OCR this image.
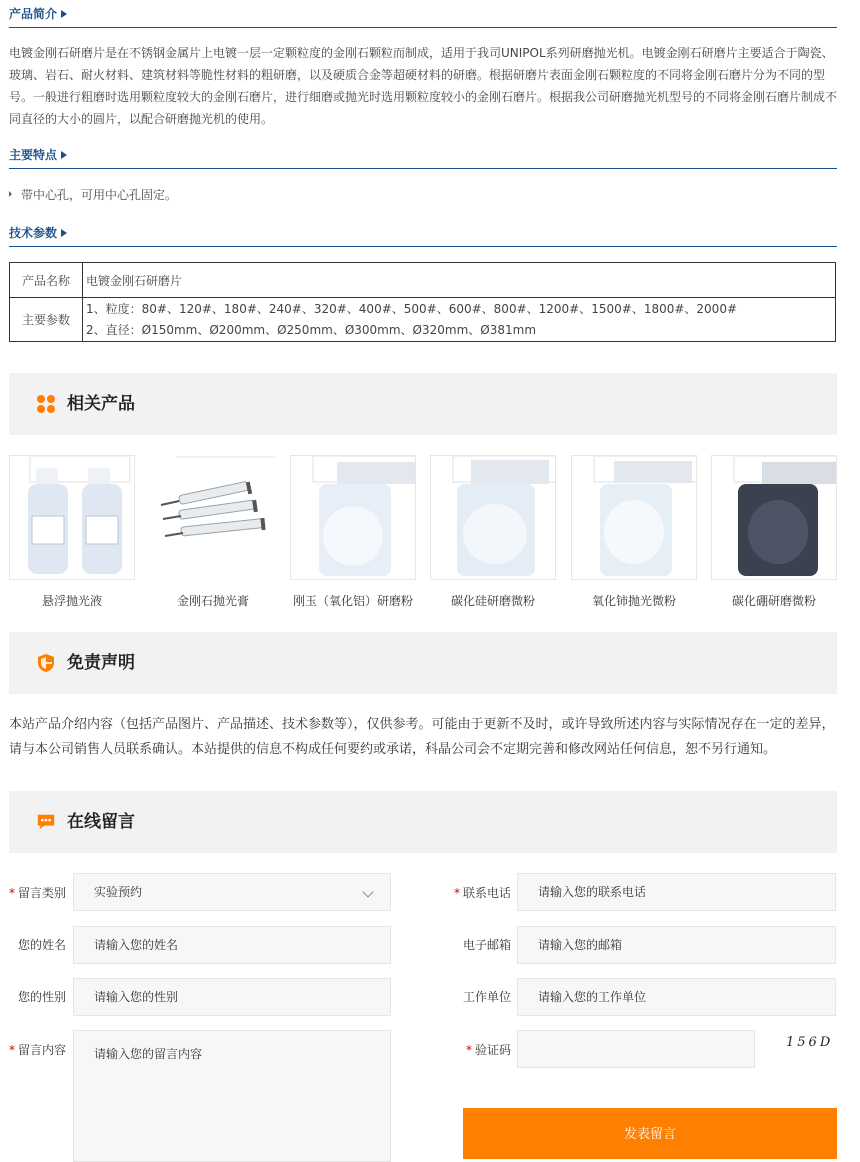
产品简介

电镀金刚石研磨片是在不锈钢金属片上电镀一层一定颗粒度的金刚石颗粒而制成，适用于我司UNIPOL系列研磨抛光机。电镀金刚石研磨片主要适合于陶瓷、玻璃、岩石、耐火材料、建筑材料等脆性材料的粗研磨，以及硬质合金等超硬材料的研磨。根据研磨片表面金刚石颗粒度的不同将金刚石磨片分为不同的型号。一般进行粗磨时选用颗粒度较大的金刚石磨片，进行细磨或抛光时选用颗粒度较小的金刚石磨片。根据我公司研磨抛光机型号的不同将金刚石磨片制成不同直径的大小的圆片，以配合研磨抛光机的使用。

主要特点
带中心孔，可用中心孔固定。
技术参数
产品名称	电镀金刚石研磨片
主要参数	1、粒度：80#、120#、180#、240#、320#、400#、500#、600#、800#、1200#、1500#、1800#、2000#
2、直径：Ø150mm、Ø200mm、Ø250mm、Ø300mm、Ø320mm、Ø381mm
相关产品
悬浮抛光液	金刚石抛光膏	刚玉（氧化铝）研磨粉	碳化硅研磨微粉	氧化铈抛光微粉	碳化硼研磨微粉
免责声明

本站产品介绍内容（包括产品图片、产品描述、技术参数等），仅供参考。可能由于更新不及时，或许导致所述内容与实际情况存在一定的差异，请与本公司销售人员联系确认。本站提供的信息不构成任何要约或承诺，科晶公司会不定期完善和修改网站任何信息，恕不另行通知。

在线留言
* 留言类别	实验预约	* 联系电话	请输入您的联系电话
您的姓名	请输入您的姓名	电子邮箱	请输入您的邮箱
您的性别	请输入您的性别	工作单位	请输入您的工作单位
* 留言内容	请输入您的留言内容	* 验证码	156D
发表留言
